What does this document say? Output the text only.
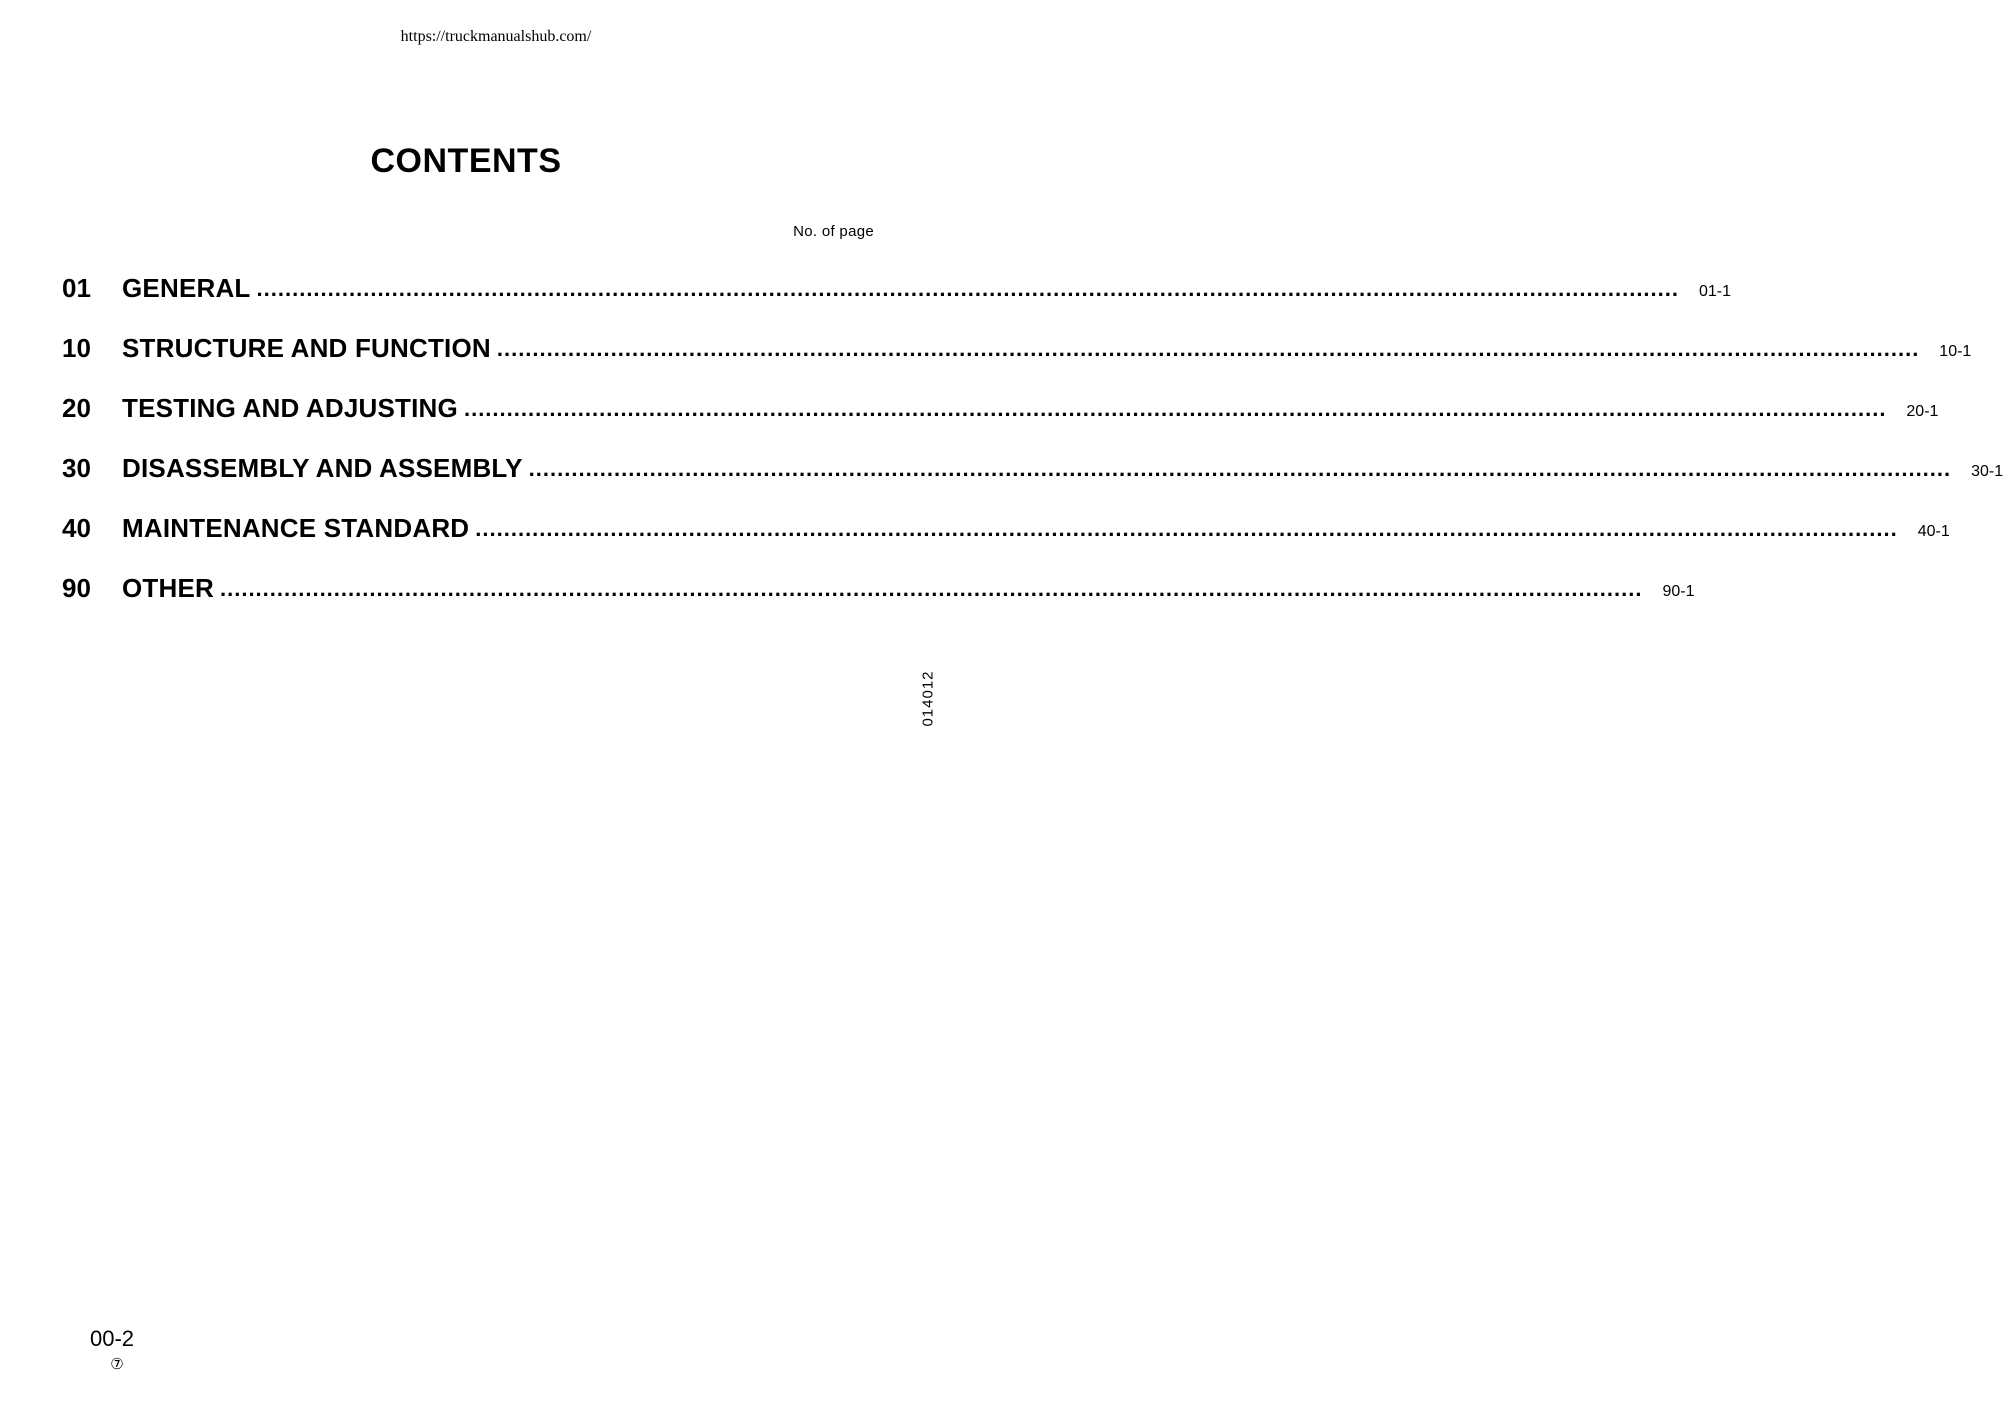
https://truckmanualshub.com/
CONTENTS
No. of page
01	GENERAL ........................................................................................................................................................................................................	01-1
10	STRUCTURE AND FUNCTION ........................................................................................................................................................................................................	10-1
20	TESTING AND ADJUSTING ........................................................................................................................................................................................................	20-1
30	DISASSEMBLY AND ASSEMBLY ........................................................................................................................................................................................................	30-1
40	MAINTENANCE STANDARD ........................................................................................................................................................................................................	40-1
90	OTHER ........................................................................................................................................................................................................	90-1
014012
00-2
⑦
